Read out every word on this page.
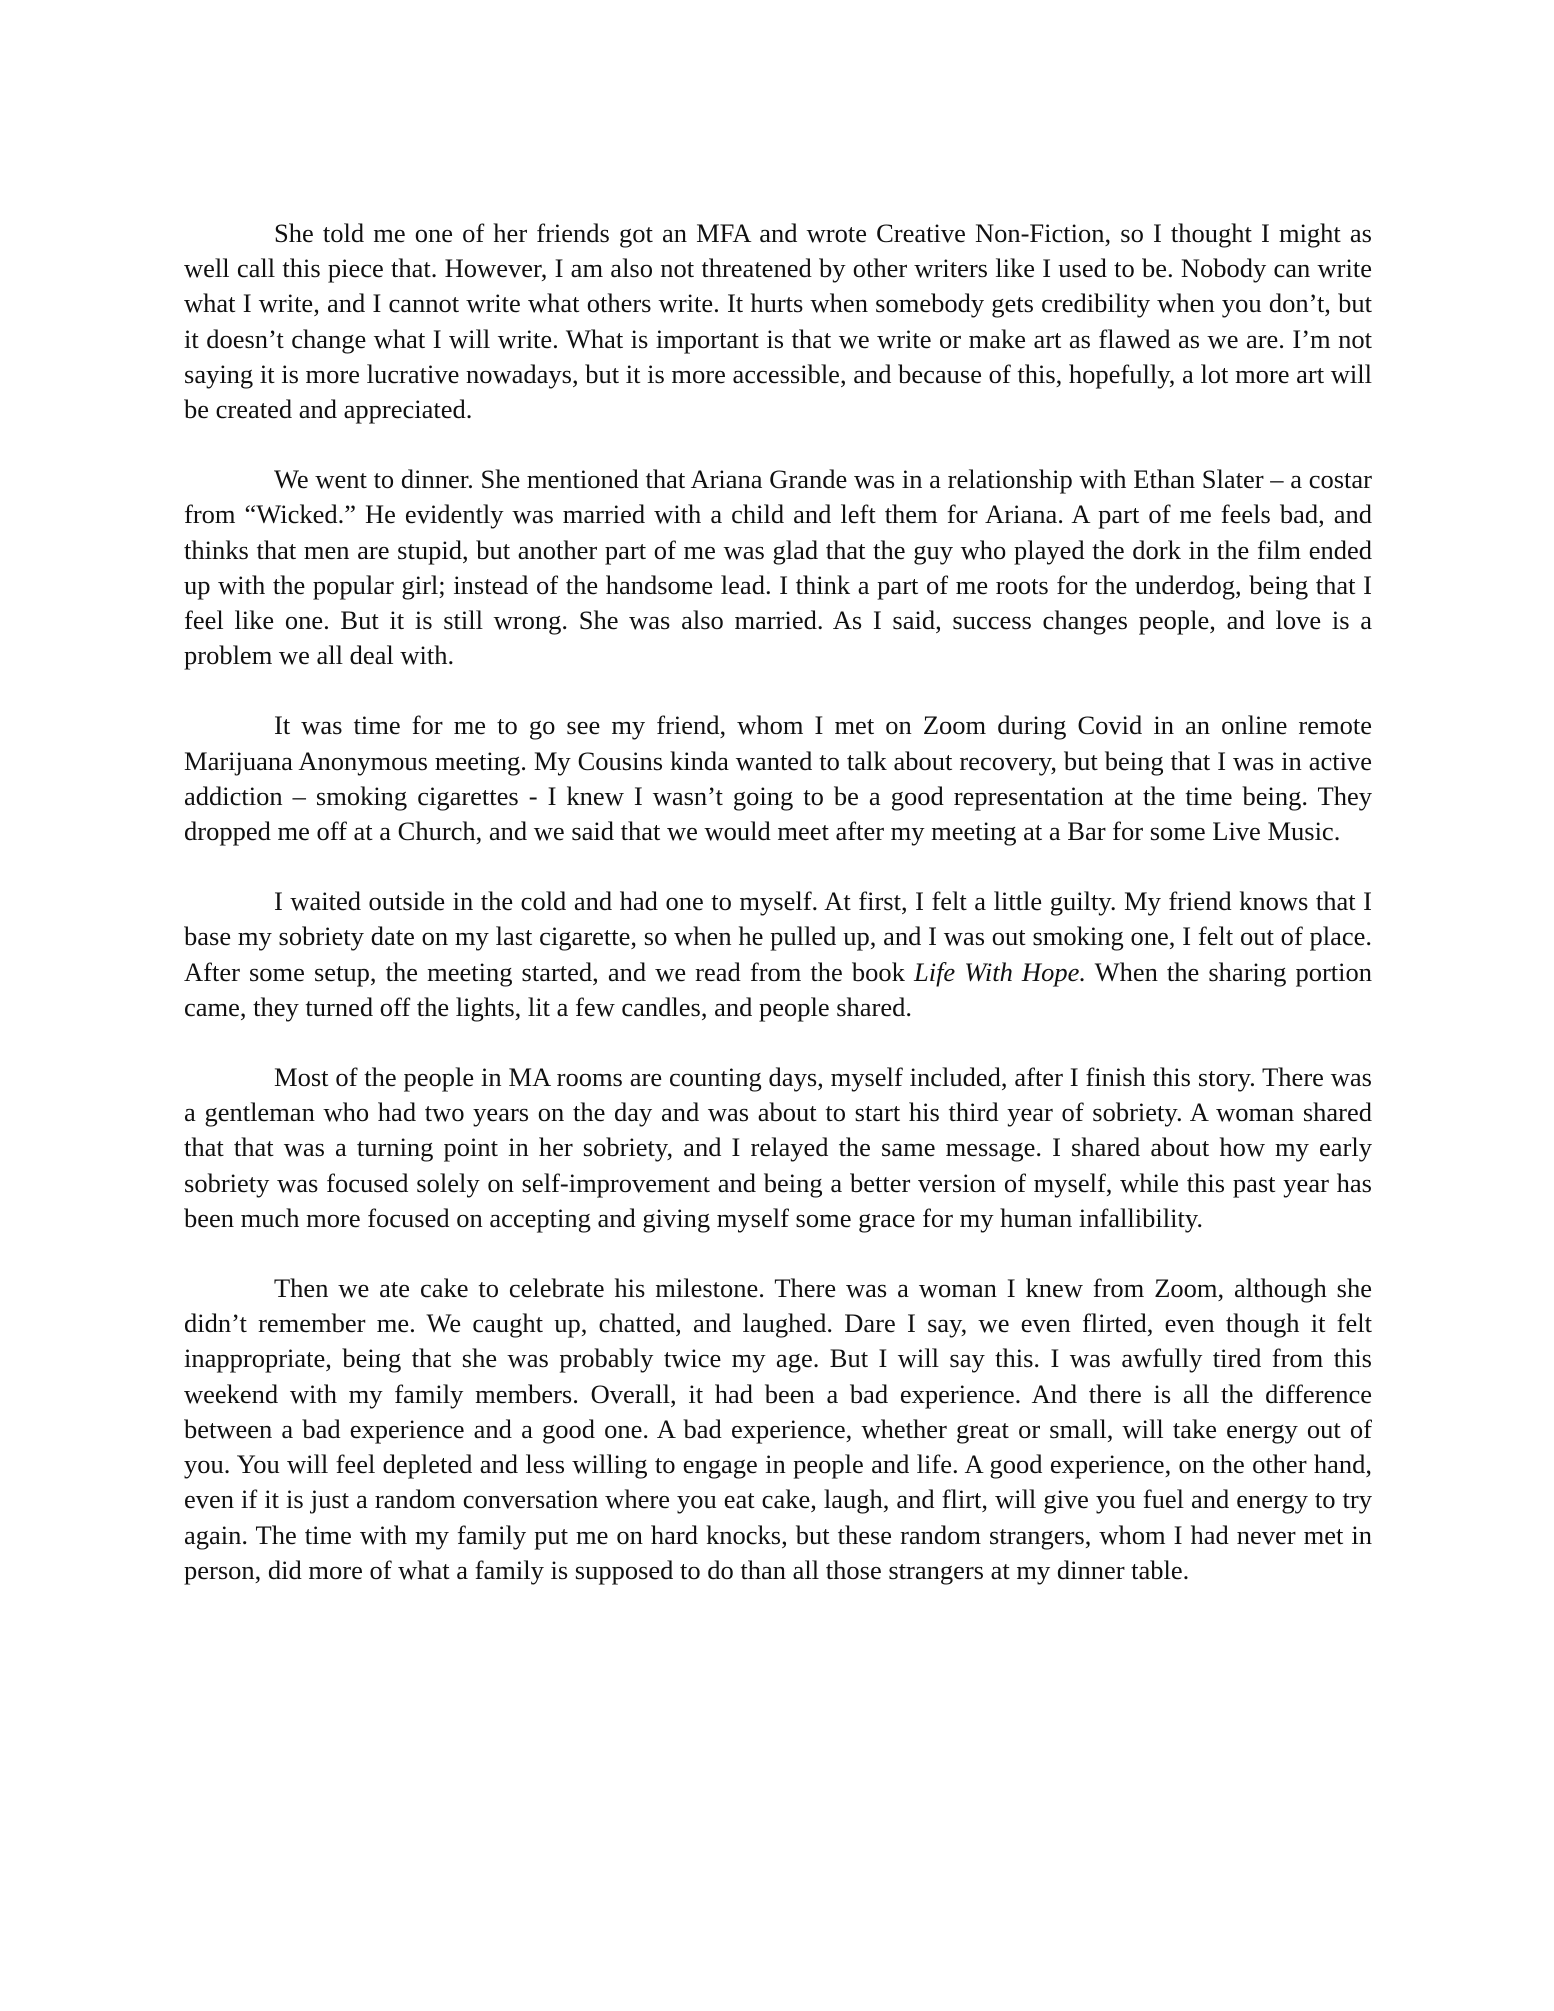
She told me one of her friends got an MFA and wrote Creative Non-Fiction, so I thought I might as well call this piece that. However, I am also not threatened by other writers like I used to be. Nobody can write what I write, and I cannot write what others write. It hurts when somebody gets credibility when you don’t, but it doesn’t change what I will write. What is important is that we write or make art as flawed as we are. I’m not saying it is more lucrative nowadays, but it is more accessible, and because of this, hopefully, a lot more art will be created and appreciated.

We went to dinner. She mentioned that Ariana Grande was in a relationship with Ethan Slater – a costar from “Wicked.” He evidently was married with a child and left them for Ariana. A part of me feels bad, and thinks that men are stupid, but another part of me was glad that the guy who played the dork in the film ended up with the popular girl; instead of the handsome lead. I think a part of me roots for the underdog, being that I feel like one. But it is still wrong. She was also married. As I said, success changes people, and love is a problem we all deal with.

It was time for me to go see my friend, whom I met on Zoom during Covid in an online remote Marijuana Anonymous meeting. My Cousins kinda wanted to talk about recovery, but being that I was in active addiction – smoking cigarettes - I knew I wasn’t going to be a good representation at the time being. They dropped me off at a Church, and we said that we would meet after my meeting at a Bar for some Live Music.

I waited outside in the cold and had one to myself. At first, I felt a little guilty. My friend knows that I base my sobriety date on my last cigarette, so when he pulled up, and I was out smoking one, I felt out of place. After some setup, the meeting started, and we read from the book Life With Hope. When the sharing portion came, they turned off the lights, lit a few candles, and people shared.

Most of the people in MA rooms are counting days, myself included, after I finish this story. There was a gentleman who had two years on the day and was about to start his third year of sobriety. A woman shared that that was a turning point in her sobriety, and I relayed the same message. I shared about how my early sobriety was focused solely on self-improvement and being a better version of myself, while this past year has been much more focused on accepting and giving myself some grace for my human infallibility.

Then we ate cake to celebrate his milestone. There was a woman I knew from Zoom, although she didn’t remember me. We caught up, chatted, and laughed. Dare I say, we even flirted, even though it felt inappropriate, being that she was probably twice my age. But I will say this. I was awfully tired from this weekend with my family members. Overall, it had been a bad experience. And there is all the difference between a bad experience and a good one. A bad experience, whether great or small, will take energy out of you. You will feel depleted and less willing to engage in people and life. A good experience, on the other hand, even if it is just a random conversation where you eat cake, laugh, and flirt, will give you fuel and energy to try again. The time with my family put me on hard knocks, but these random strangers, whom I had never met in person, did more of what a family is supposed to do than all those strangers at my dinner table.
